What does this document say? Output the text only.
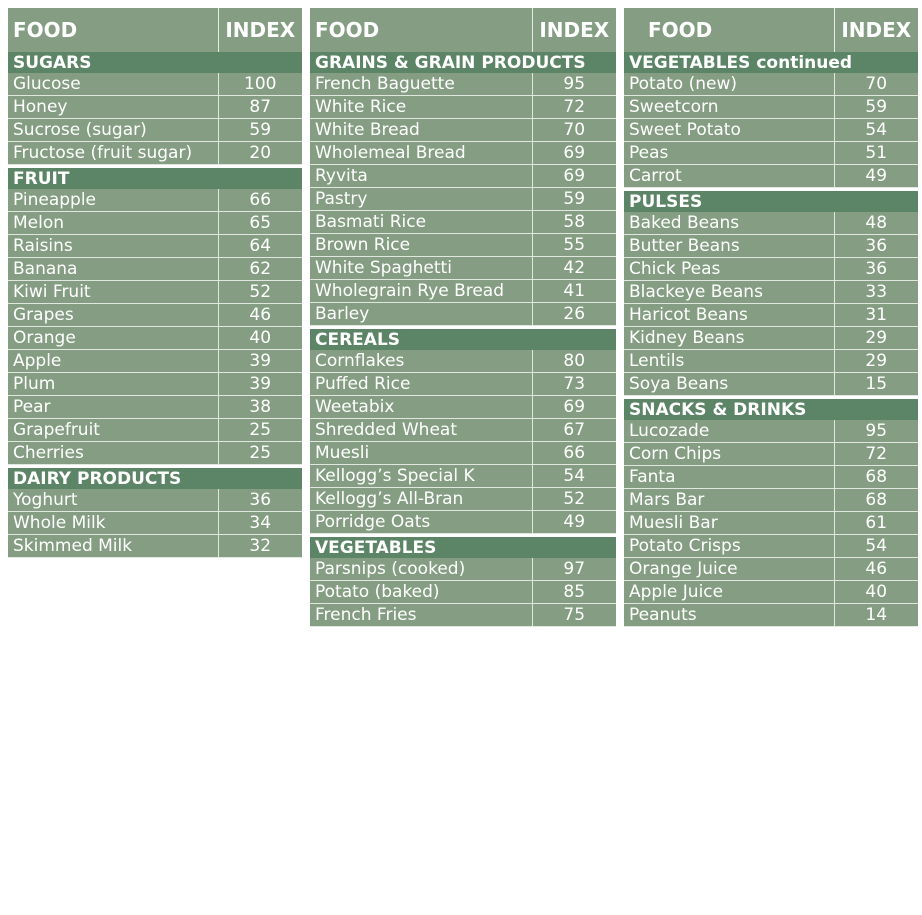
FOOD	INDEX
SUGARS	
Glucose	100
Honey	87
Sucrose (sugar)	59
Fructose (fruit sugar)	20

FRUIT	
Pineapple	66
Melon	65
Raisins	64
Banana	62
Kiwi Fruit	52
Grapes	46
Orange	40
Apple	39
Plum	39
Pear	38
Grapefruit	25
Cherries	25

DAIRY PRODUCTS	
Yoghurt	36
Whole Milk	34
Skimmed Milk	32
FOOD	INDEX
GRAINS & GRAIN PRODUCTS	
French Baguette	95
White Rice	72
White Bread	70
Wholemeal Bread	69
Ryvita	69
Pastry	59
Basmati Rice	58
Brown Rice	55
White Spaghetti	42
Wholegrain Rye Bread	41
Barley	26

CEREALS	
Cornflakes	80
Puffed Rice	73
Weetabix	69
Shredded Wheat	67
Muesli	66
Kellogg’s Special K	54
Kellogg’s All-Bran	52
Porridge Oats	49

VEGETABLES	
Parsnips (cooked)	97
Potato (baked)	85
French Fries	75
FOOD	INDEX
VEGETABLES continued	
Potato (new)	70
Sweetcorn	59
Sweet Potato	54
Peas	51
Carrot	49

PULSES	
Baked Beans	48
Butter Beans	36
Chick Peas	36
Blackeye Beans	33
Haricot Beans	31
Kidney Beans	29
Lentils	29
Soya Beans	15

SNACKS & DRINKS	
Lucozade	95
Corn Chips	72
Fanta	68
Mars Bar	68
Muesli Bar	61
Potato Crisps	54
Orange Juice	46
Apple Juice	40
Peanuts	14
